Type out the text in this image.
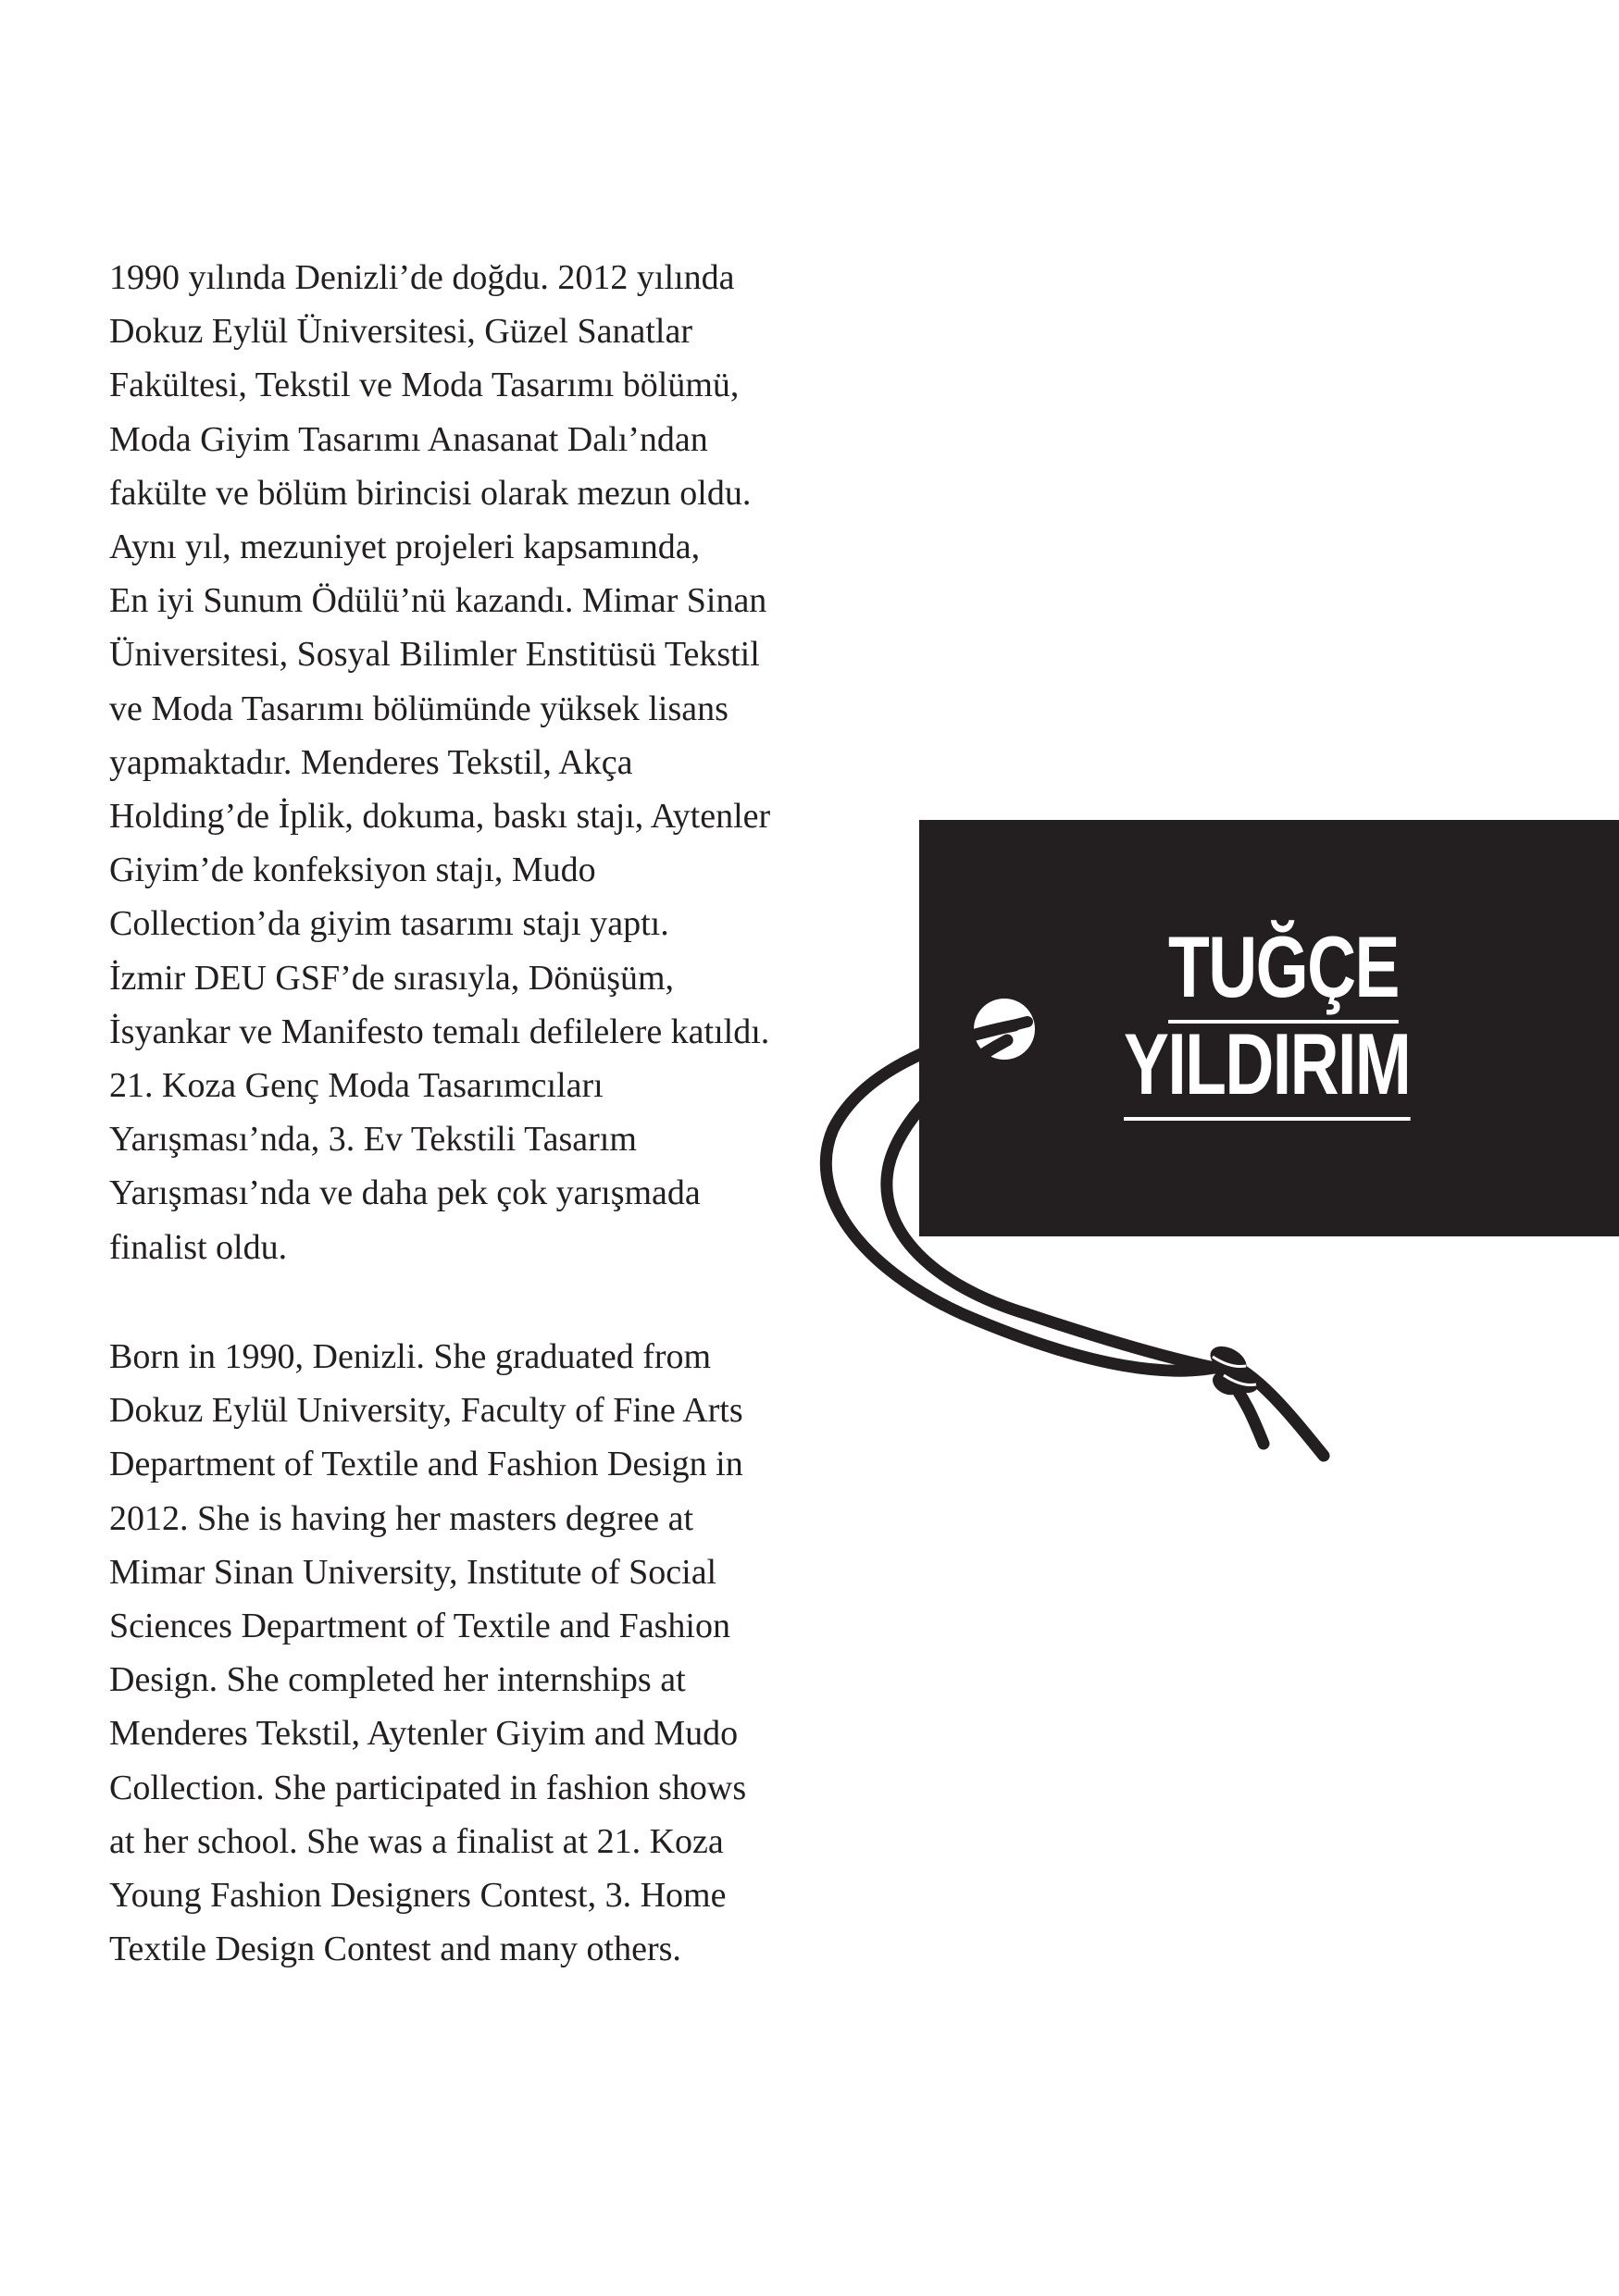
1990 yılında Denizli’de doğdu. 2012 yılında
Dokuz Eylül Üniversitesi, Güzel Sanatlar
Fakültesi, Tekstil ve Moda Tasarımı bölümü,
Moda Giyim Tasarımı Anasanat Dalı’ndan
fakülte ve bölüm birincisi olarak mezun oldu.
Aynı yıl, mezuniyet projeleri kapsamında,
En iyi Sunum Ödülü’nü kazandı. Mimar Sinan
Üniversitesi, Sosyal Bilimler Enstitüsü Tekstil
ve Moda Tasarımı bölümünde yüksek lisans
yapmaktadır. Menderes Tekstil, Akça
Holding’de İplik, dokuma, baskı stajı, Aytenler
Giyim’de konfeksiyon stajı, Mudo
Collection’da giyim tasarımı stajı yaptı.
İzmir DEU GSF’de sırasıyla, Dönüşüm,
İsyankar ve Manifesto temalı defilelere katıldı.
21. Koza Genç Moda Tasarımcıları
Yarışması’nda, 3. Ev Tekstili Tasarım
Yarışması’nda ve daha pek çok yarışmada
finalist oldu.
Born in 1990, Denizli. She graduated from
Dokuz Eylül University, Faculty of Fine Arts
Department of Textile and Fashion Design in
2012. She is having her masters degree at
Mimar Sinan University, Institute of Social
Sciences Department of Textile and Fashion
Design. She completed her internships at
Menderes Tekstil, Aytenler Giyim and Mudo
Collection. She participated in fashion shows
at her school. She was a finalist at 21. Koza
Young Fashion Designers Contest, 3. Home
Textile Design Contest and many others.
TUĞÇE
YILDIRIM
